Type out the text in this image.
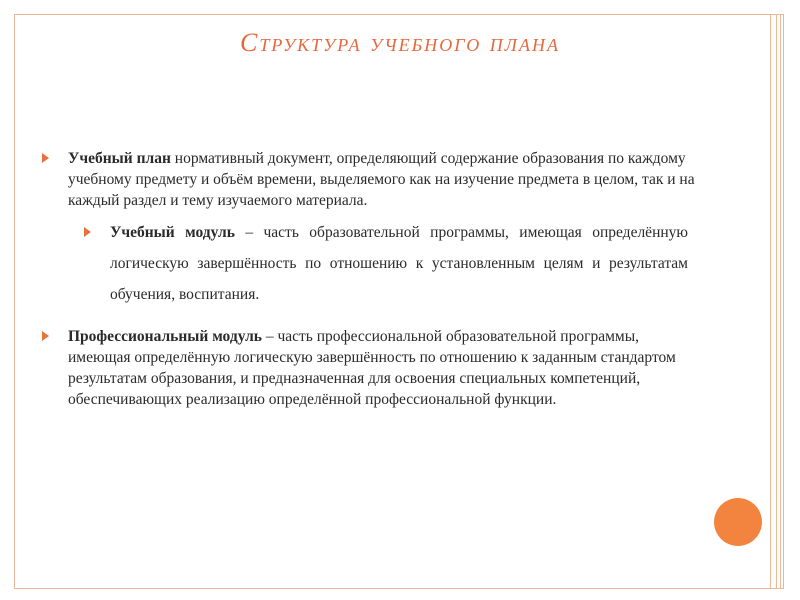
Структура учебного плана
Учебный план нормативный документ, определяющий содержание образования по каждому учебному предмету и объём времени, выделяемого как на изучение предмета в целом, так и на каждый раздел и тему изучаемого материала.
Учебный модуль – часть образовательной программы, имеющая определённую логическую завершённость по отношению к установленным целям и результатам обучения, воспитания.
Профессиональный модуль – часть профессиональной образовательной программы, имеющая определённую логическую завершённость по отношению к заданным стандартом результатам образования, и предназначенная для освоения специальных компетенций, обеспечивающих реализацию определённой профессиональной функции.
